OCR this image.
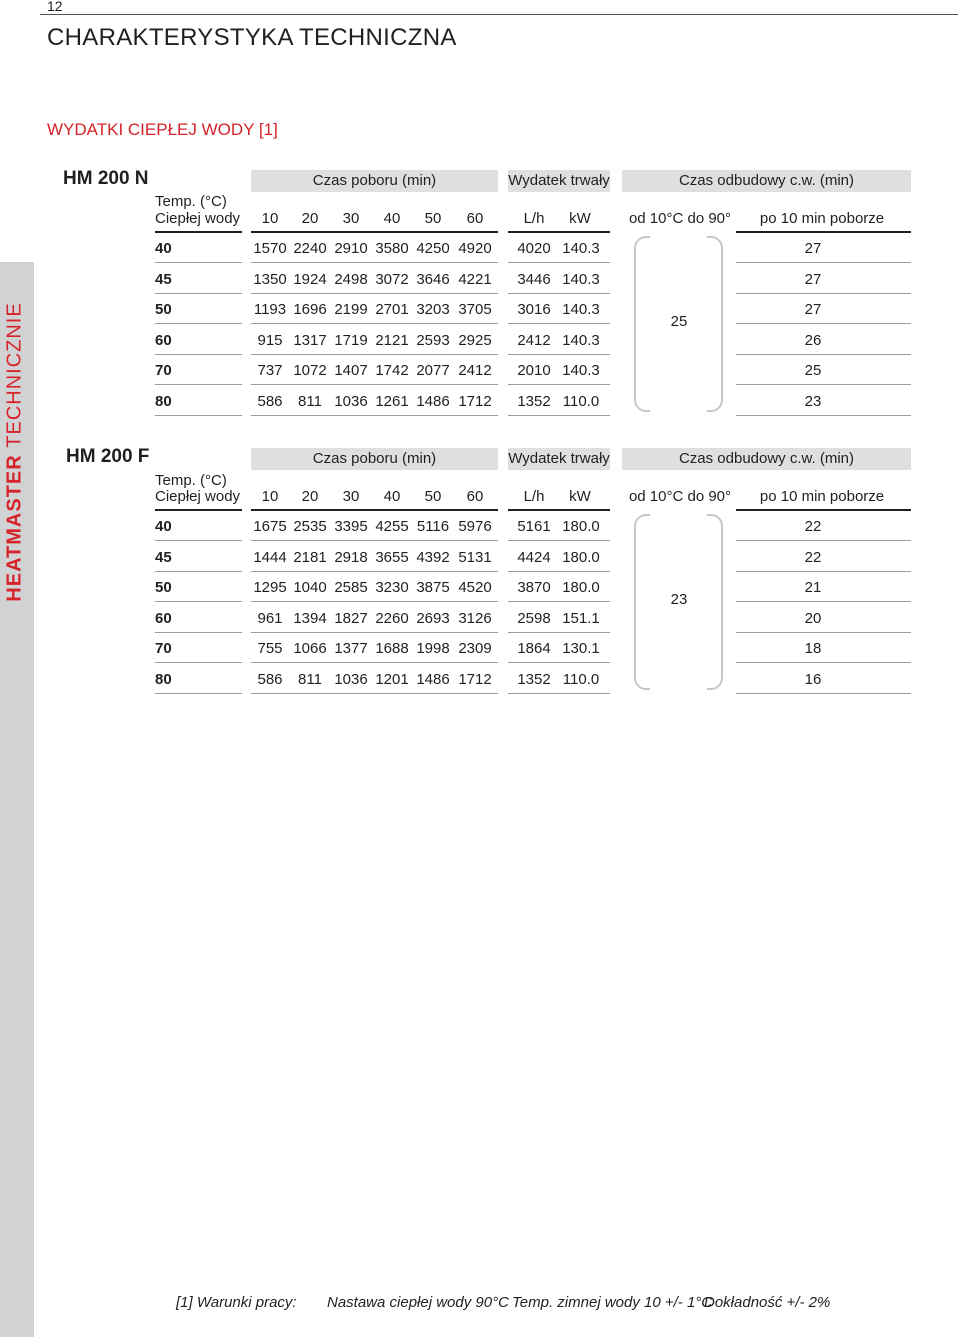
12
CHARAKTERYSTYKA TECHNICZNA
WYDATKI CIEPŁEJ WODY [1]
HEATMASTER TECHNICZNIE
HM 200 N	Czas poboru (min)	Wydatek trwały	Czas odbudowy c.w. (min)
Temp. (°C)
Ciepłej wody	10	20	30	40	50	60	L/h	kW	od 10°C do 90°	po 10 min poborze
40	1570 2240 2910 3580 4250 4920	4020 140.3	27
45	1350 1924 2498 3072 3646 4221	3446 140.3	27
50	1193 1696 2199 2701 3203 3705	3016 140.3	27
60	915 1317 1719 2121 2593 2925	2412 140.3	26
70	737 1072 1407 1742 2077 2412	2010 140.3	25
80	586	811 1036 1261 1486 1712	1352 110.0	23
25
HM 200 F	Czas poboru (min)	Wydatek trwały	Czas odbudowy c.w. (min)
Temp. (°C)
Ciepłej wody	10	20	30	40	50	60	L/h	kW	od 10°C do 90°	po 10 min poborze
40	1675 2535 3395 4255 5116 5976	5161 180.0	22
45	1444 2181 2918 3655 4392 5131	4424 180.0	22
50	1295 1040 2585 3230 3875 4520	3870 180.0	21
60	961 1394 1827 2260 2693 3126	2598 151.1	20
70	755 1066 1377 1688 1998 2309	1864 130.1	18
80	586	811 1036 1201 1486 1712	1352 110.0	16
23
[1] Warunki pracy: Nastawa ciepłej wody 90°C Temp. zimnej wody 10 +/- 1°C
Dokładność +/- 2%
